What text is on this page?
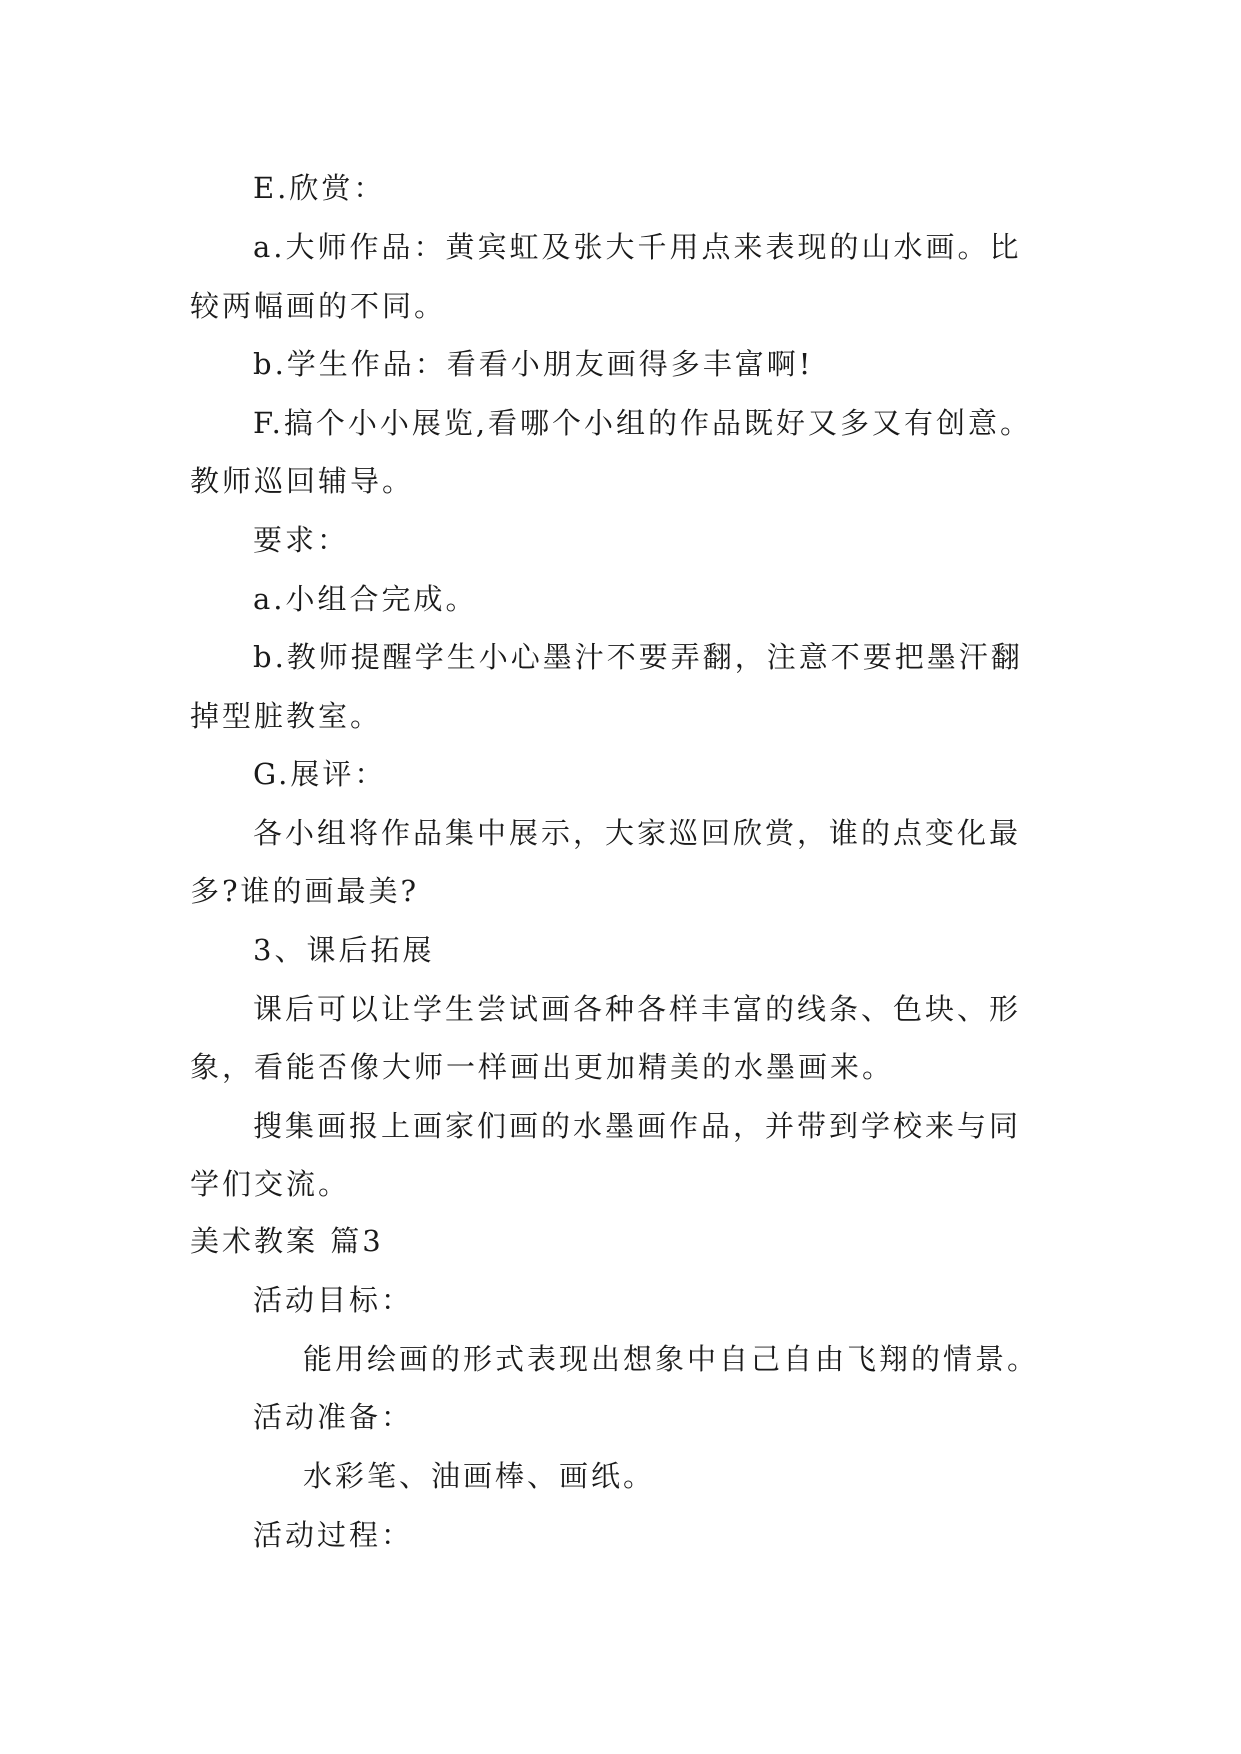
E.欣赏：
a.大师作品：黄宾虹及张大千用点来表现的山水画。比
较两幅画的不同。
b.学生作品：看看小朋友画得多丰富啊!
F.搞个小小展览,看哪个小组的作品既好又多又有创意。
教师巡回辅导。
要求：
a.小组合完成。
b.教师提醒学生小心墨汁不要弄翻，注意不要把墨汗翻
掉型脏教室。
G.展评：
各小组将作品集中展示，大家巡回欣赏，谁的点变化最
多?谁的画最美?
3、课后拓展
课后可以让学生尝试画各种各样丰富的线条、色块、形
象，看能否像大师一样画出更加精美的水墨画来。
搜集画报上画家们画的水墨画作品，并带到学校来与同
学们交流。
美术教案 篇3
活动目标：
能用绘画的形式表现出想象中自己自由飞翔的情景。
活动准备：
水彩笔、油画棒、画纸。
活动过程：
